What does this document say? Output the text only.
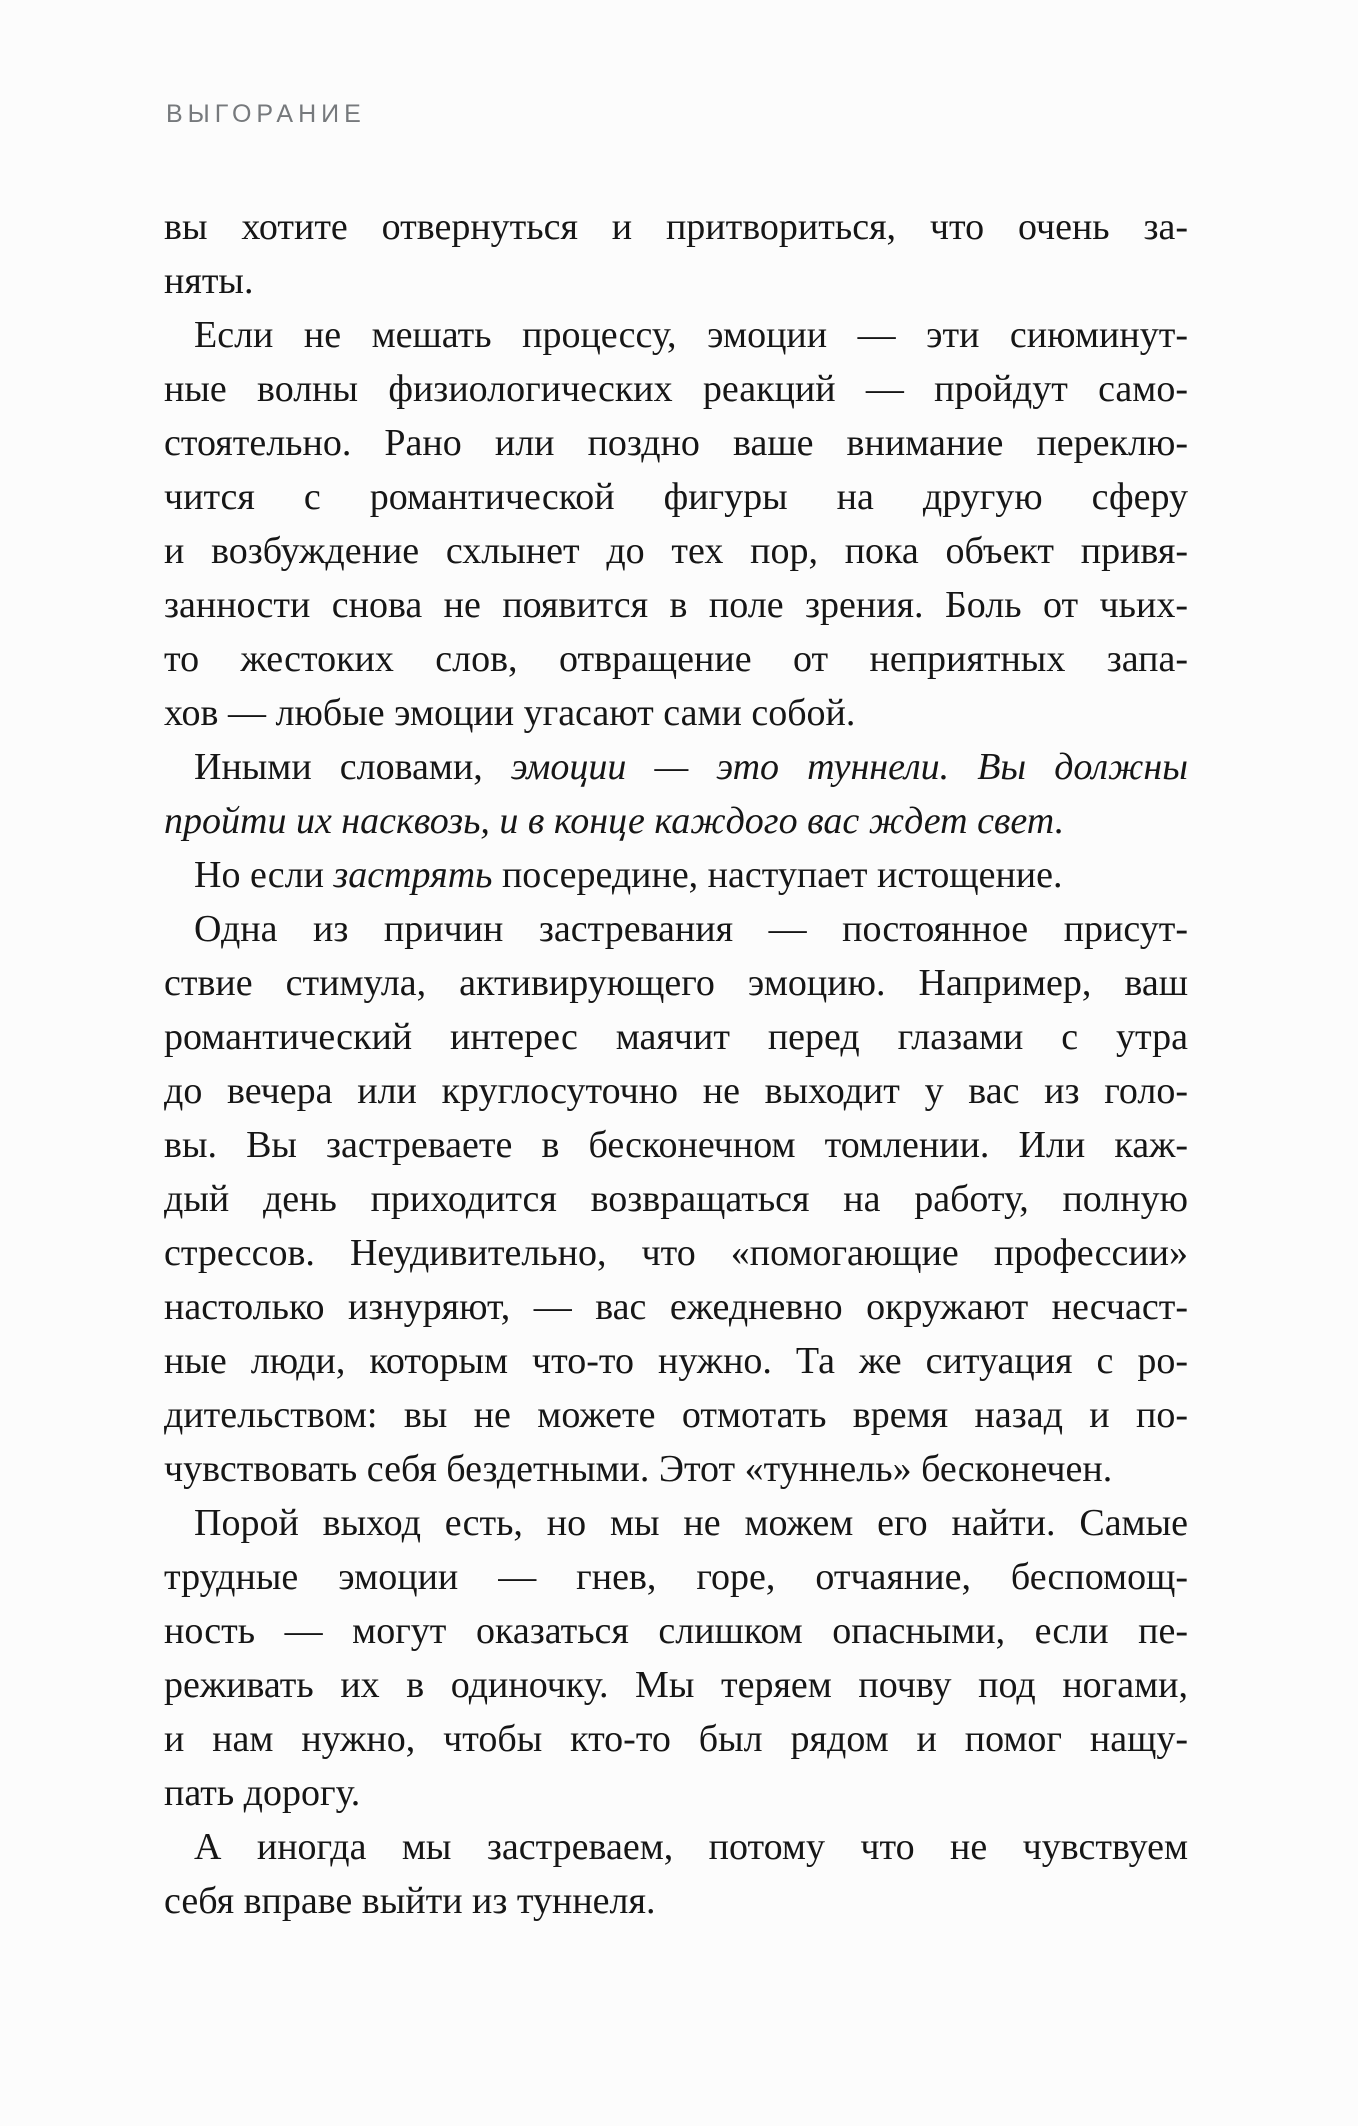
ВЫГОРАНИЕ
вы хотите отвернуться и притвориться, что очень за-
няты.
Если не мешать процессу, эмоции — эти сиюминут-
ные волны физиологических реакций — пройдут само-
стоятельно. Рано или поздно ваше внимание переклю-
чится с романтической фигуры на другую сферу
и возбуждение схлынет до тех пор, пока объект привя-
занности снова не появится в поле зрения. Боль от чьих-
то жестоких слов, отвращение от неприятных запа-
хов — любые эмоции угасают сами собой.
Иными словами, эмоции — это туннели. Вы должны
пройти их насквозь, и в конце каждого вас ждет свет.
Но если застрять посередине, наступает истощение.
Одна из причин застревания — постоянное присут-
ствие стимула, активирующего эмоцию. Например, ваш
романтический интерес маячит перед глазами с утра
до вечера или круглосуточно не выходит у вас из голо-
вы. Вы застреваете в бесконечном томлении. Или каж-
дый день приходится возвращаться на работу, полную
стрессов. Неудивительно, что «помогающие профессии»
настолько изнуряют, — вас ежедневно окружают несчаст-
ные люди, которым что-то нужно. Та же ситуация с ро-
дительством: вы не можете отмотать время назад и по-
чувствовать себя бездетными. Этот «туннель» бесконечен.
Порой выход есть, но мы не можем его найти. Самые
трудные эмоции — гнев, горе, отчаяние, беспомощ-
ность — могут оказаться слишком опасными, если пе-
реживать их в одиночку. Мы теряем почву под ногами,
и нам нужно, чтобы кто-то был рядом и помог нащу-
пать дорогу.
А иногда мы застреваем, потому что не чувствуем
себя вправе выйти из туннеля.
